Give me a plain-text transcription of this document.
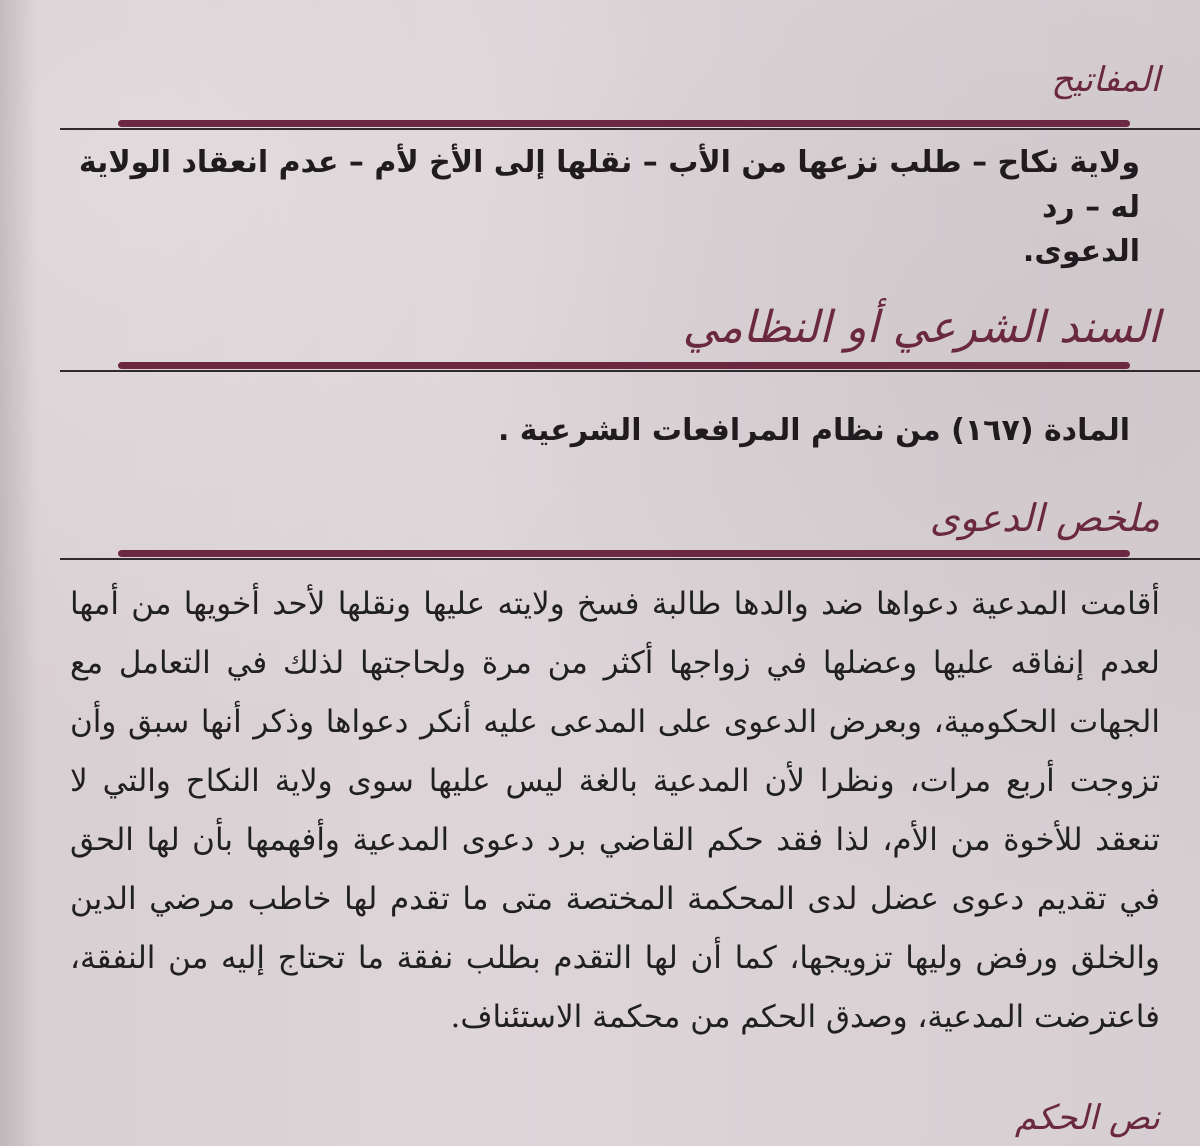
المفاتيح
ولاية نكاح – طلب نزعها من الأب – نقلها إلى الأخ لأم – عدم انعقاد الولاية له – رد
الدعوى.
السند الشرعي أو النظامي
المادة (١٦٧) من نظام المرافعات الشرعية .
ملخص الدعوى

أقامت المدعية دعواها ضد والدها طالبة فسخ ولايته عليها ونقلها لأحد أخويها من أمها لعدم إنفاقه عليها وعضلها في زواجها أكثر من مرة ولحاجتها لذلك في التعامل مع الجهات الحكومية، وبعرض الدعوى على المدعى عليه أنكر دعواها وذكر أنها سبق وأن تزوجت أربع مرات، ونظرا لأن المدعية بالغة ليس عليها سوى ولاية النكاح والتي لا تنعقد للأخوة من الأم، لذا فقد حكم القاضي برد دعوى المدعية وأفهمها بأن لها الحق في تقديم دعوى عضل لدى المحكمة المختصة متى ما تقدم لها خاطب مرضي الدين والخلق ورفض وليها تزويجها، كما أن لها التقدم بطلب نفقة ما تحتاج إليه من النفقة، فاعترضت المدعية، وصدق الحكم من محكمة الاستئناف.

نص الحكم
